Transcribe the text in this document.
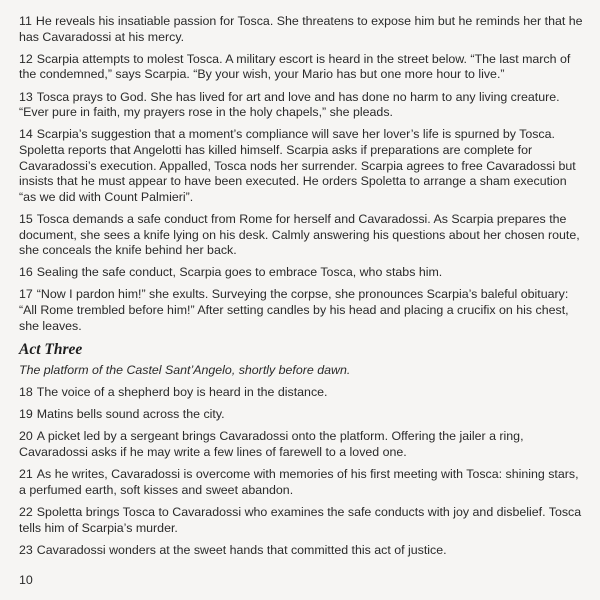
11 He reveals his insatiable passion for Tosca. She threatens to expose him but he reminds her that he has Cavaradossi at his mercy.

12 Scarpia attempts to molest Tosca. A military escort is heard in the street below. “The last march of the condemned,” says Scarpia. “By your wish, your Mario has but one more hour to live.”

13 Tosca prays to God. She has lived for art and love and has done no harm to any living creature. “Ever pure in faith, my prayers rose in the holy chapels,” she pleads.

14 Scarpia’s suggestion that a moment’s compliance will save her lover’s life is spurned by Tosca. Spoletta reports that Angelotti has killed himself. Scarpia asks if preparations are complete for Cavaradossi’s execution. Appalled, Tosca nods her surrender. Scarpia agrees to free Cavaradossi but insists that he must appear to have been executed. He orders Spoletta to arrange a sham execution “as we did with Count Palmieri”.

15 Tosca demands a safe conduct from Rome for herself and Cavaradossi. As Scarpia prepares the document, she sees a knife lying on his desk. Calmly answering his questions about her chosen route, she conceals the knife behind her back.

16 Sealing the safe conduct, Scarpia goes to embrace Tosca, who stabs him.

17 “Now I pardon him!” she exults. Surveying the corpse, she pronounces Scarpia’s baleful obituary: “All Rome trembled before him!” After setting candles by his head and placing a crucifix on his chest, she leaves.

Act Three

The platform of the Castel Sant’Angelo, shortly before dawn.

18 The voice of a shepherd boy is heard in the distance.

19 Matins bells sound across the city.

20 A picket led by a sergeant brings Cavaradossi onto the platform. Offering the jailer a ring, Cavaradossi asks if he may write a few lines of farewell to a loved one.

21 As he writes, Cavaradossi is overcome with memories of his first meeting with Tosca: shining stars, a perfumed earth, soft kisses and sweet abandon.

22 Spoletta brings Tosca to Cavaradossi who examines the safe conducts with joy and disbelief. Tosca tells him of Scarpia’s murder.

23 Cavaradossi wonders at the sweet hands that committed this act of justice.

10
